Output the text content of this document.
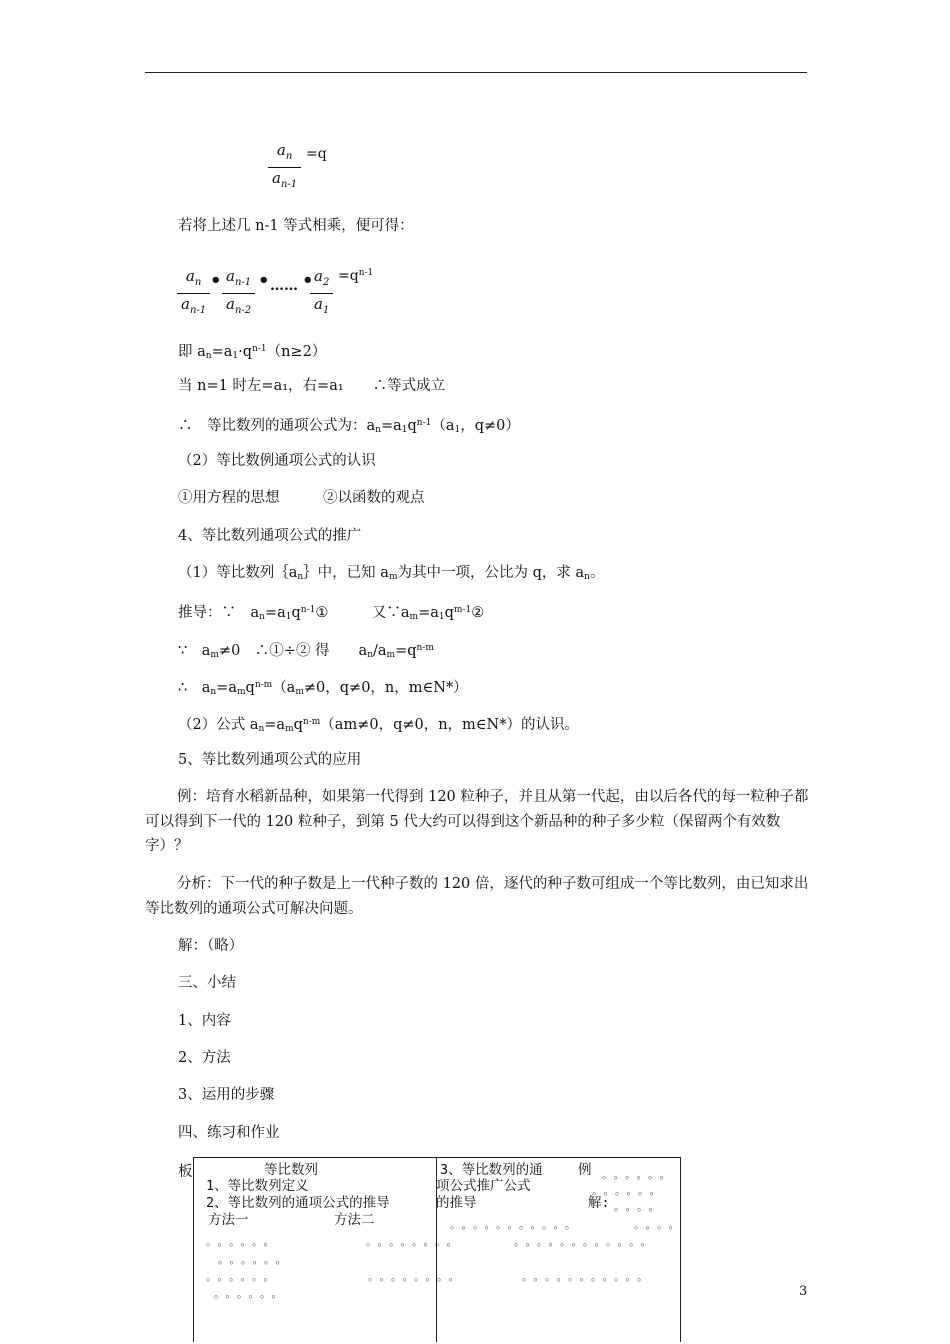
$\frac{a_n}{a_{n-1}} =q$
若将上述几 n-1 等式相乘，便可得：
$\frac{a_n}{a_{n-1}}$ • $\frac{a_{n-1}}{a_{n-2}}$ • …… •
$\frac{a_2}{a_1} =q^{n-1}$
即 $a_n=a_1\cdot q^{n-1}(n\ge 2)$
当 n=1 时左=a₁，右=a₁　　∴等式成立
∴　等比数列的通项公式为：$a_n=a_1q^{n-1}(a_1$，q≠0）
（2）等比数例通项公式的认识
①用方程的思想　　　②以函数的观点
4、等比数列通项公式的推广
（1）等比数列$\{a_n\}$中，已知 $a_m$为其中一项，公比为 q，求 $a_n$。
推导：∵　$a_n=a_1q^{n-1}①$　　　又$\because a_m=a_1q^{m-1}②$
∵　$a_m\ne 0$　∴①÷② 得　　$a_n/a_m=q^{n-m}$
∴　$a_n=a_mq^{n-m}(a_m\ne 0$，q≠0，n，m∈N*）
（2）公式 $a_n=a_mq^{n-m}(am\ne 0$，q≠0，n，m∈N*）的认识。
5、等比数列通项公式的应用
例：培育水稻新品种，如果第一代得到 120 粒种子，并且从第一代起，由以后各代的每一粒种子都可以得到下一代的 120 粒种子，到第 5 代大约可以得到这个新品种的种子多少粒（保留两个有效数字）？
分析：下一代的种子数是上一代种子数的 120 倍，逐代的种子数可组成一个等比数列，由已知求出等比数列的通项公式可解决问题。
解：（略）
三、小结
1、内容
2、方法
3、运用的步骤
四、练习和作业
板	等比数列
1、等比数列定义
2、等比数列的通项公式的推导
方法一	方法二
3、等比数列的通
项公式推广公式
的推导
例
解:
。。。。。。
。。。。。。
。。。。
。。。。。。。。。。。	。。。。
。。。。。。	。。。。。。。。	。。。。。。。。。。。。
。。。。。。
。。。。。。	。。。。。。。。	。。。。。。。。。。。
。。。。。。	3
